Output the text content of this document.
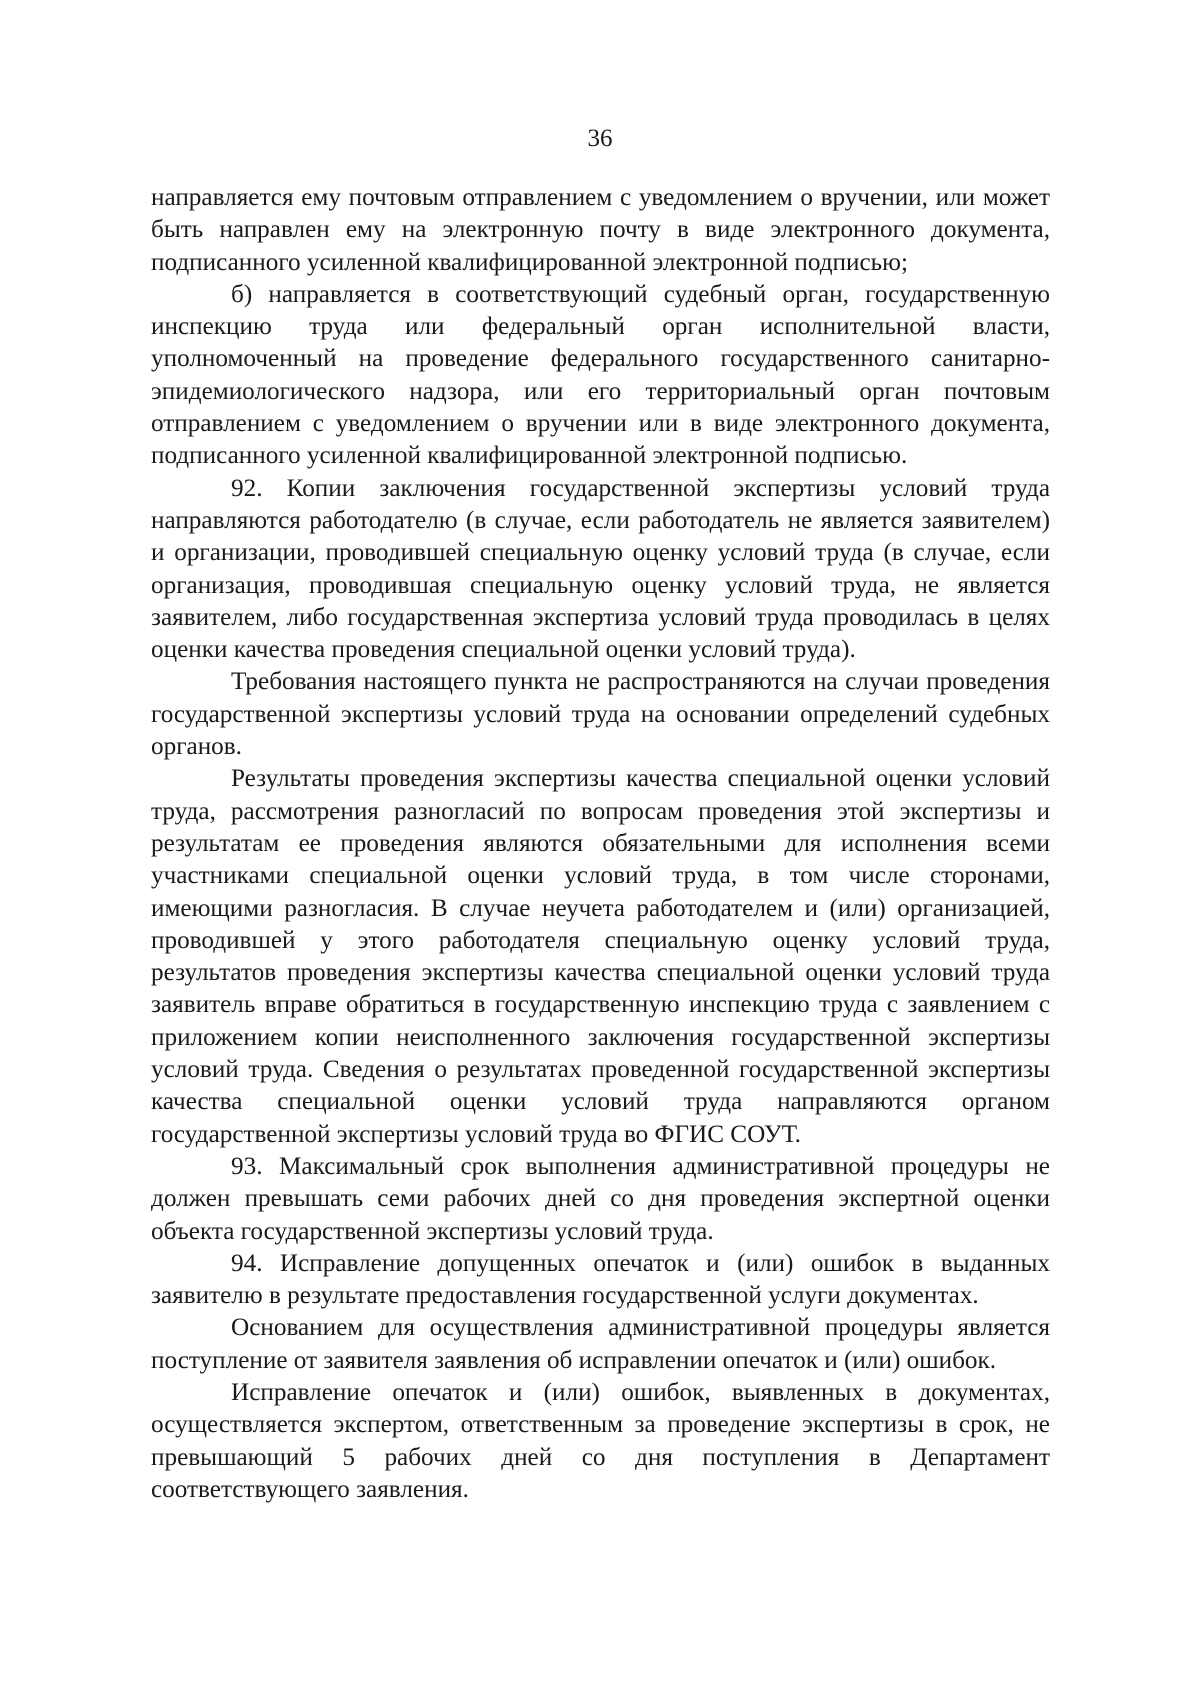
36

направляется ему почтовым отправлением с уведомлением о вручении, или может быть направлен ему на электронную почту в виде электронного документа, подписанного усиленной квалифицированной электронной подписью;

б) направляется в соответствующий судебный орган, государственную инспекцию труда или федеральный орган исполнительной власти, уполномоченный на проведение федерального государственного санитарно-эпидемиологического надзора, или его территориальный орган почтовым отправлением с уведомлением о вручении или в виде электронного документа, подписанного усиленной квалифицированной электронной подписью.

92. Копии заключения государственной экспертизы условий труда направляются работодателю (в случае, если работодатель не является заявителем) и организации, проводившей специальную оценку условий труда (в случае, если организация, проводившая специальную оценку условий труда, не является заявителем, либо государственная экспертиза условий труда проводилась в целях оценки качества проведения специальной оценки условий труда).

Требования настоящего пункта не распространяются на случаи проведения государственной экспертизы условий труда на основании определений судебных органов.

Результаты проведения экспертизы качества специальной оценки условий труда, рассмотрения разногласий по вопросам проведения этой экспертизы и результатам ее проведения являются обязательными для исполнения всеми участниками специальной оценки условий труда, в том числе сторонами, имеющими разногласия. В случае неучета работодателем и (или) организацией, проводившей у этого работодателя специальную оценку условий труда, результатов проведения экспертизы качества специальной оценки условий труда заявитель вправе обратиться в государственную инспекцию труда с заявлением с приложением копии неисполненного заключения государственной экспертизы условий труда. Сведения о результатах проведенной государственной экспертизы качества специальной оценки условий труда направляются органом государственной экспертизы условий труда во ФГИС СОУТ.

93. Максимальный срок выполнения административной процедуры не должен превышать семи рабочих дней со дня проведения экспертной оценки объекта государственной экспертизы условий труда.

94. Исправление допущенных опечаток и (или) ошибок в выданных заявителю в результате предоставления государственной услуги документах.

Основанием для осуществления административной процедуры является поступление от заявителя заявления об исправлении опечаток и (или) ошибок.

Исправление опечаток и (или) ошибок, выявленных в документах, осуществляется экспертом, ответственным за проведение экспертизы в срок, не превышающий 5 рабочих дней со дня поступления в Департамент соответствующего заявления.
